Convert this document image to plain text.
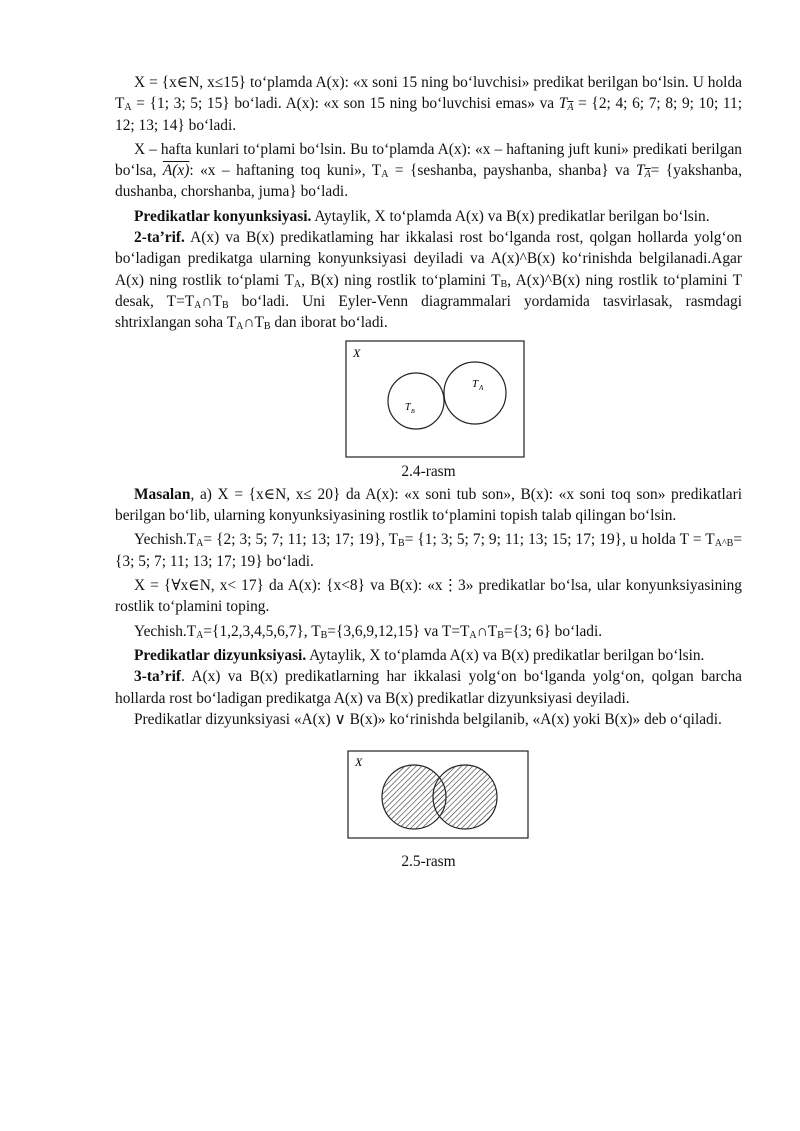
X = {x∈N, x≤15} to‘plamda A(x): «x soni 15 ning bo‘luvchisi» predikat berilgan bo‘lsin. U holda $T_A = \{1$; 3; 5; 15} bo‘ladi. A(x): «x son 15 ning bo‘luvchisi emas» va $T_{\overline{A}} = \{2$; 4; 6; 7; 8; 9; 10; 11; 12; 13; 14} bo‘ladi.

X – hafta kunlari to‘plami bo‘lsin. Bu to‘plamda A(x): «x – haftaning juft kuni» predikati berilgan bo‘lsa, A(x): «x – haftaning toq kuni», $T_A$ = {seshanba, payshanba, shanba} va $T_{\overline{A}}=$ {yakshanba, dushanba, chorshanba, juma} bo‘ladi.

Predikatlar konyunksiyasi. Aytaylik, X to‘plamda A(x) va B(x) predikatlar berilgan bo‘lsin.

2-ta’rif. A(x) va B(x) predikatlaming har ikkalasi rost bo‘lganda rost, qolgan hollarda yolg‘on bo‘ladigan predikatga ularning konyunksiyasi deyiladi va A(x)^B(x) ko‘rinishda belgilanadi.Agar A(x) ning rostlik to‘plami $T_A$, B(x) ning rostlik to‘plamini $T_B$, A(x)^B(x) ning rostlik to‘plamini T desak, $T=T_A\cap T_B$ bo‘ladi. Uni Eyler-Venn diagrammalari yordamida tasvirlasak, rasmdagi shtrixlangan soha $T_A\cap T_B$ dan iborat bo‘ladi.

X
T B
T A

2.4-rasm

Masalan, a) X = {x∈N, x≤ 20} da A(x): «x soni tub son», B(x): «x soni toq son» predikatlari berilgan bo‘lib, ularning konyunksiyasining rostlik to‘plamini topish talab qilingan bo‘lsin.

$Yechish.T_A= \{2$; 3; 5; 7; 11; 13; 17; 19}, $T_B= \{1$; 3; 5; 7; 9; 11; 13; 15; 17; 19}, u holda $T = T_{A\^{}B}= \{3$; 5; 7; 11; 13; 17; 19} bo‘ladi.

X = {∀x∈N, x< 17} da A(x): {x<8} va B(x): «x⋮3» predikatlar bo‘lsa, ular konyunksiyasining rostlik to‘plamini toping.

$Yechish.T_A=\{1,2,3,4,5,6,7\}$, $T_B=\{3,6,9,12,15\}$ va $T=T_A\cap T_B=\{3$; 6} bo‘ladi.

Predikatlar dizyunksiyasi. Aytaylik, X to‘plamda A(x) va B(x) predikatlar berilgan bo‘lsin.

3-ta’rif. A(x) va B(x) predikatlarning har ikkalasi yolg‘on bo‘lganda yolg‘on, qolgan barcha hollarda rost bo‘ladigan predikatga A(x) va B(x) predikatlar dizyunksiyasi deyiladi.

Predikatlar dizyunksiyasi «A(x) ∨ B(x)» ko‘rinishda belgilanib, «A(x) yoki B(x)» deb o‘qiladi.

X

2.5-rasm
